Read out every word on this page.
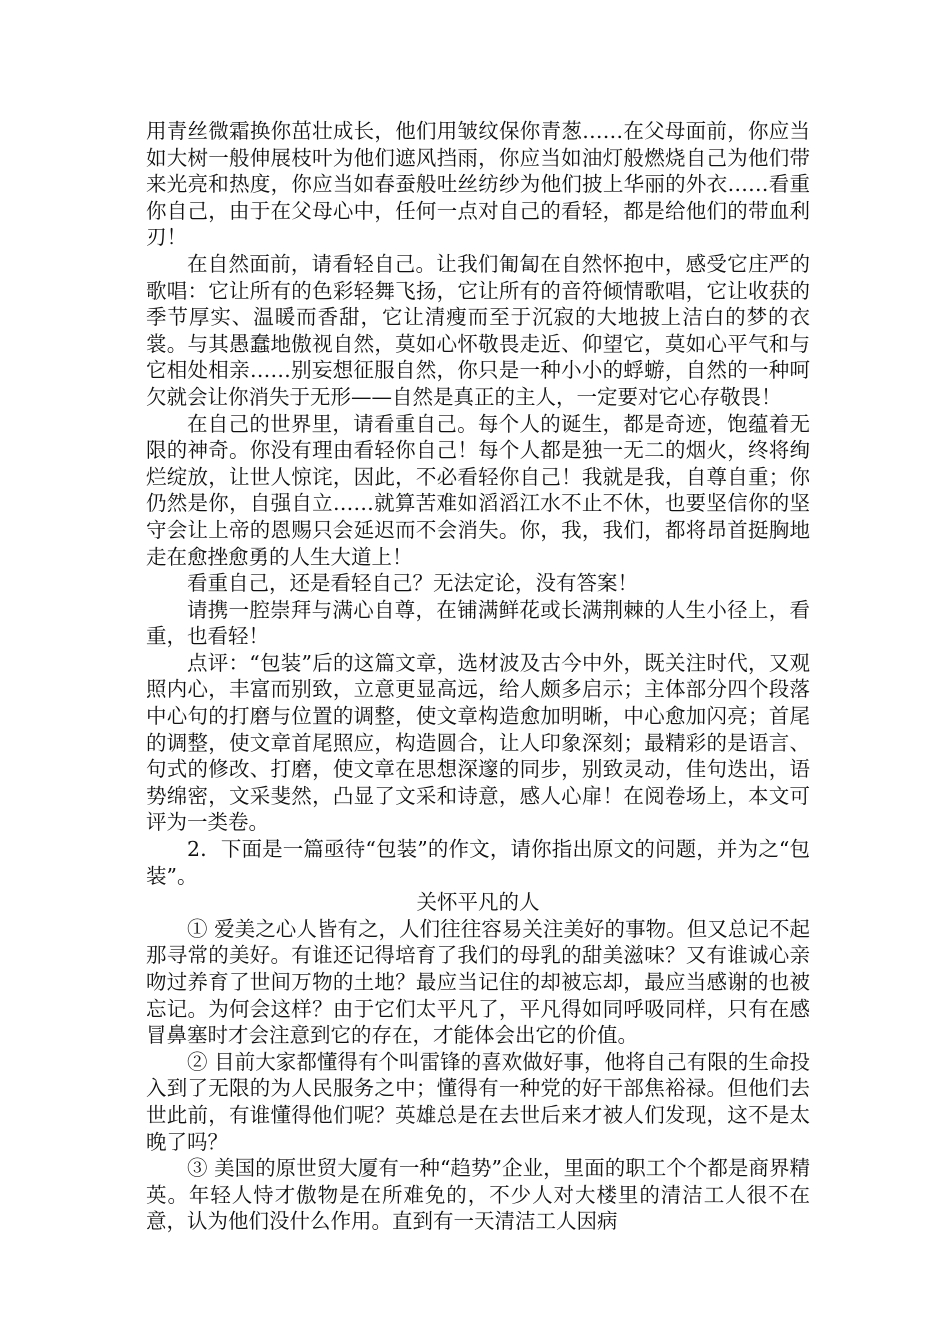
用青丝微霜换你茁壮成长，他们用皱纹保你青葱……在父母面前，你应当如大树一般伸展枝叶为他们遮风挡雨，你应当如油灯般燃烧自己为他们带来光亮和热度，你应当如春蚕般吐丝纺纱为他们披上华丽的外衣……看重你自己，由于在父母心中，任何一点对自己的看轻，都是给他们的带血利刃！

在自然面前，请看轻自己。让我们匍匐在自然怀抱中，感受它庄严的歌唱：它让所有的色彩轻舞飞扬，它让所有的音符倾情歌唱，它让收获的季节厚实、温暖而香甜，它让清瘦而至于沉寂的大地披上洁白的梦的衣裳。与其愚蠢地傲视自然，莫如心怀敬畏走近、仰望它，莫如心平气和与它相处相亲……别妄想征服自然，你只是一种小小的蜉蝣，自然的一种呵欠就会让你消失于无形——自然是真正的主人，一定要对它心存敬畏！

在自己的世界里，请看重自己。每个人的诞生，都是奇迹，饱蕴着无限的神奇。你没有理由看轻你自己！每个人都是独一无二的烟火，终将绚烂绽放，让世人惊诧，因此，不必看轻你自己！我就是我，自尊自重；你仍然是你，自强自立……就算苦难如滔滔江水不止不休，也要坚信你的坚守会让上帝的恩赐只会延迟而不会消失。你，我，我们，都将昂首挺胸地走在愈挫愈勇的人生大道上！

看重自己，还是看轻自己？无法定论，没有答案！

请携一腔崇拜与满心自尊，在铺满鲜花或长满荆棘的人生小径上，看重，也看轻！

点评：“包装”后的这篇文章，选材波及古今中外，既关注时代，又观照内心，丰富而别致，立意更显高远，给人颇多启示；主体部分四个段落中心句的打磨与位置的调整，使文章构造愈加明晰，中心愈加闪亮；首尾的调整，使文章首尾照应，构造圆合，让人印象深刻；最精彩的是语言、句式的修改、打磨，使文章在思想深邃的同步，别致灵动，佳句迭出，语势绵密，文采斐然，凸显了文采和诗意，感人心扉！在阅卷场上，本文可评为一类卷。

2．下面是一篇亟待“包装”的作文，请你指出原文的问题，并为之“包装”。

关怀平凡的人

① 爱美之心人皆有之，人们往往容易关注美好的事物。但又总记不起那寻常的美好。有谁还记得培育了我们的母乳的甜美滋味？又有谁诚心亲吻过养育了世间万物的土地？最应当记住的却被忘却，最应当感谢的也被忘记。为何会这样？由于它们太平凡了，平凡得如同呼吸同样，只有在感冒鼻塞时才会注意到它的存在，才能体会出它的价值。

② 目前大家都懂得有个叫雷锋的喜欢做好事，他将自己有限的生命投入到了无限的为人民服务之中；懂得有一种党的好干部焦裕禄。但他们去世此前，有谁懂得他们呢？英雄总是在去世后来才被人们发现，这不是太晚了吗？

③ 美国的原世贸大厦有一种“趋势”企业，里面的职工个个都是商界精英。年轻人恃才傲物是在所难免的，不少人对大楼里的清洁工人很不在意，认为他们没什么作用。直到有一天清洁工人因病
